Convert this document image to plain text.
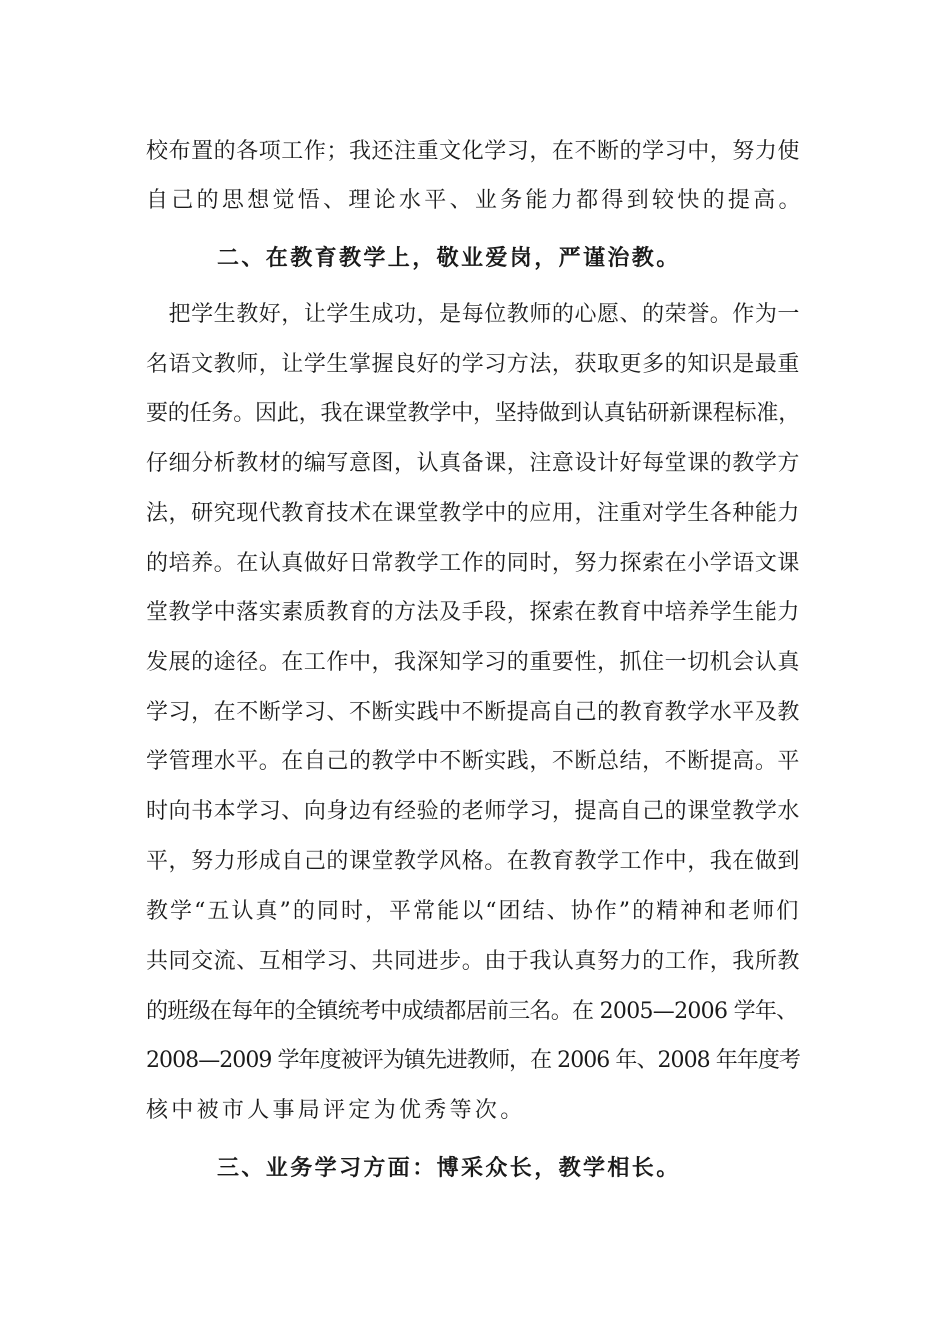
校布置的各项工作；我还注重文化学习，在不断的学习中，努力使
自己的思想觉悟、理论水平、业务能力都得到较快的提高。
二、在教育教学上，敬业爱岗，严谨治教。
　把学生教好，让学生成功，是每位教师的心愿、的荣誉。作为一
名语文教师，让学生掌握良好的学习方法，获取更多的知识是最重
要的任务。因此，我在课堂教学中，坚持做到认真钻研新课程标准，
仔细分析教材的编写意图，认真备课，注意设计好每堂课的教学方
法，研究现代教育技术在课堂教学中的应用，注重对学生各种能力
的培养。在认真做好日常教学工作的同时，努力探索在小学语文课
堂教学中落实素质教育的方法及手段，探索在教育中培养学生能力
发展的途径。在工作中，我深知学习的重要性，抓住一切机会认真
学习，在不断学习、不断实践中不断提高自己的教育教学水平及教
学管理水平。在自己的教学中不断实践，不断总结，不断提高。平
时向书本学习、向身边有经验的老师学习，提高自己的课堂教学水
平，努力形成自己的课堂教学风格。在教育教学工作中，我在做到
教学“五认真”的同时，平常能以“团结、协作”的精神和老师们
共同交流、互相学习、共同进步。由于我认真努力的工作，我所教
的班级在每年的全镇统考中成绩都居前三名。在 2005—2006 学年、
2008—2009 学年度被评为镇先进教师，在 2006 年、2008 年年度考
核中被市人事局评定为优秀等次。
三、业务学习方面：博采众长，教学相长。
